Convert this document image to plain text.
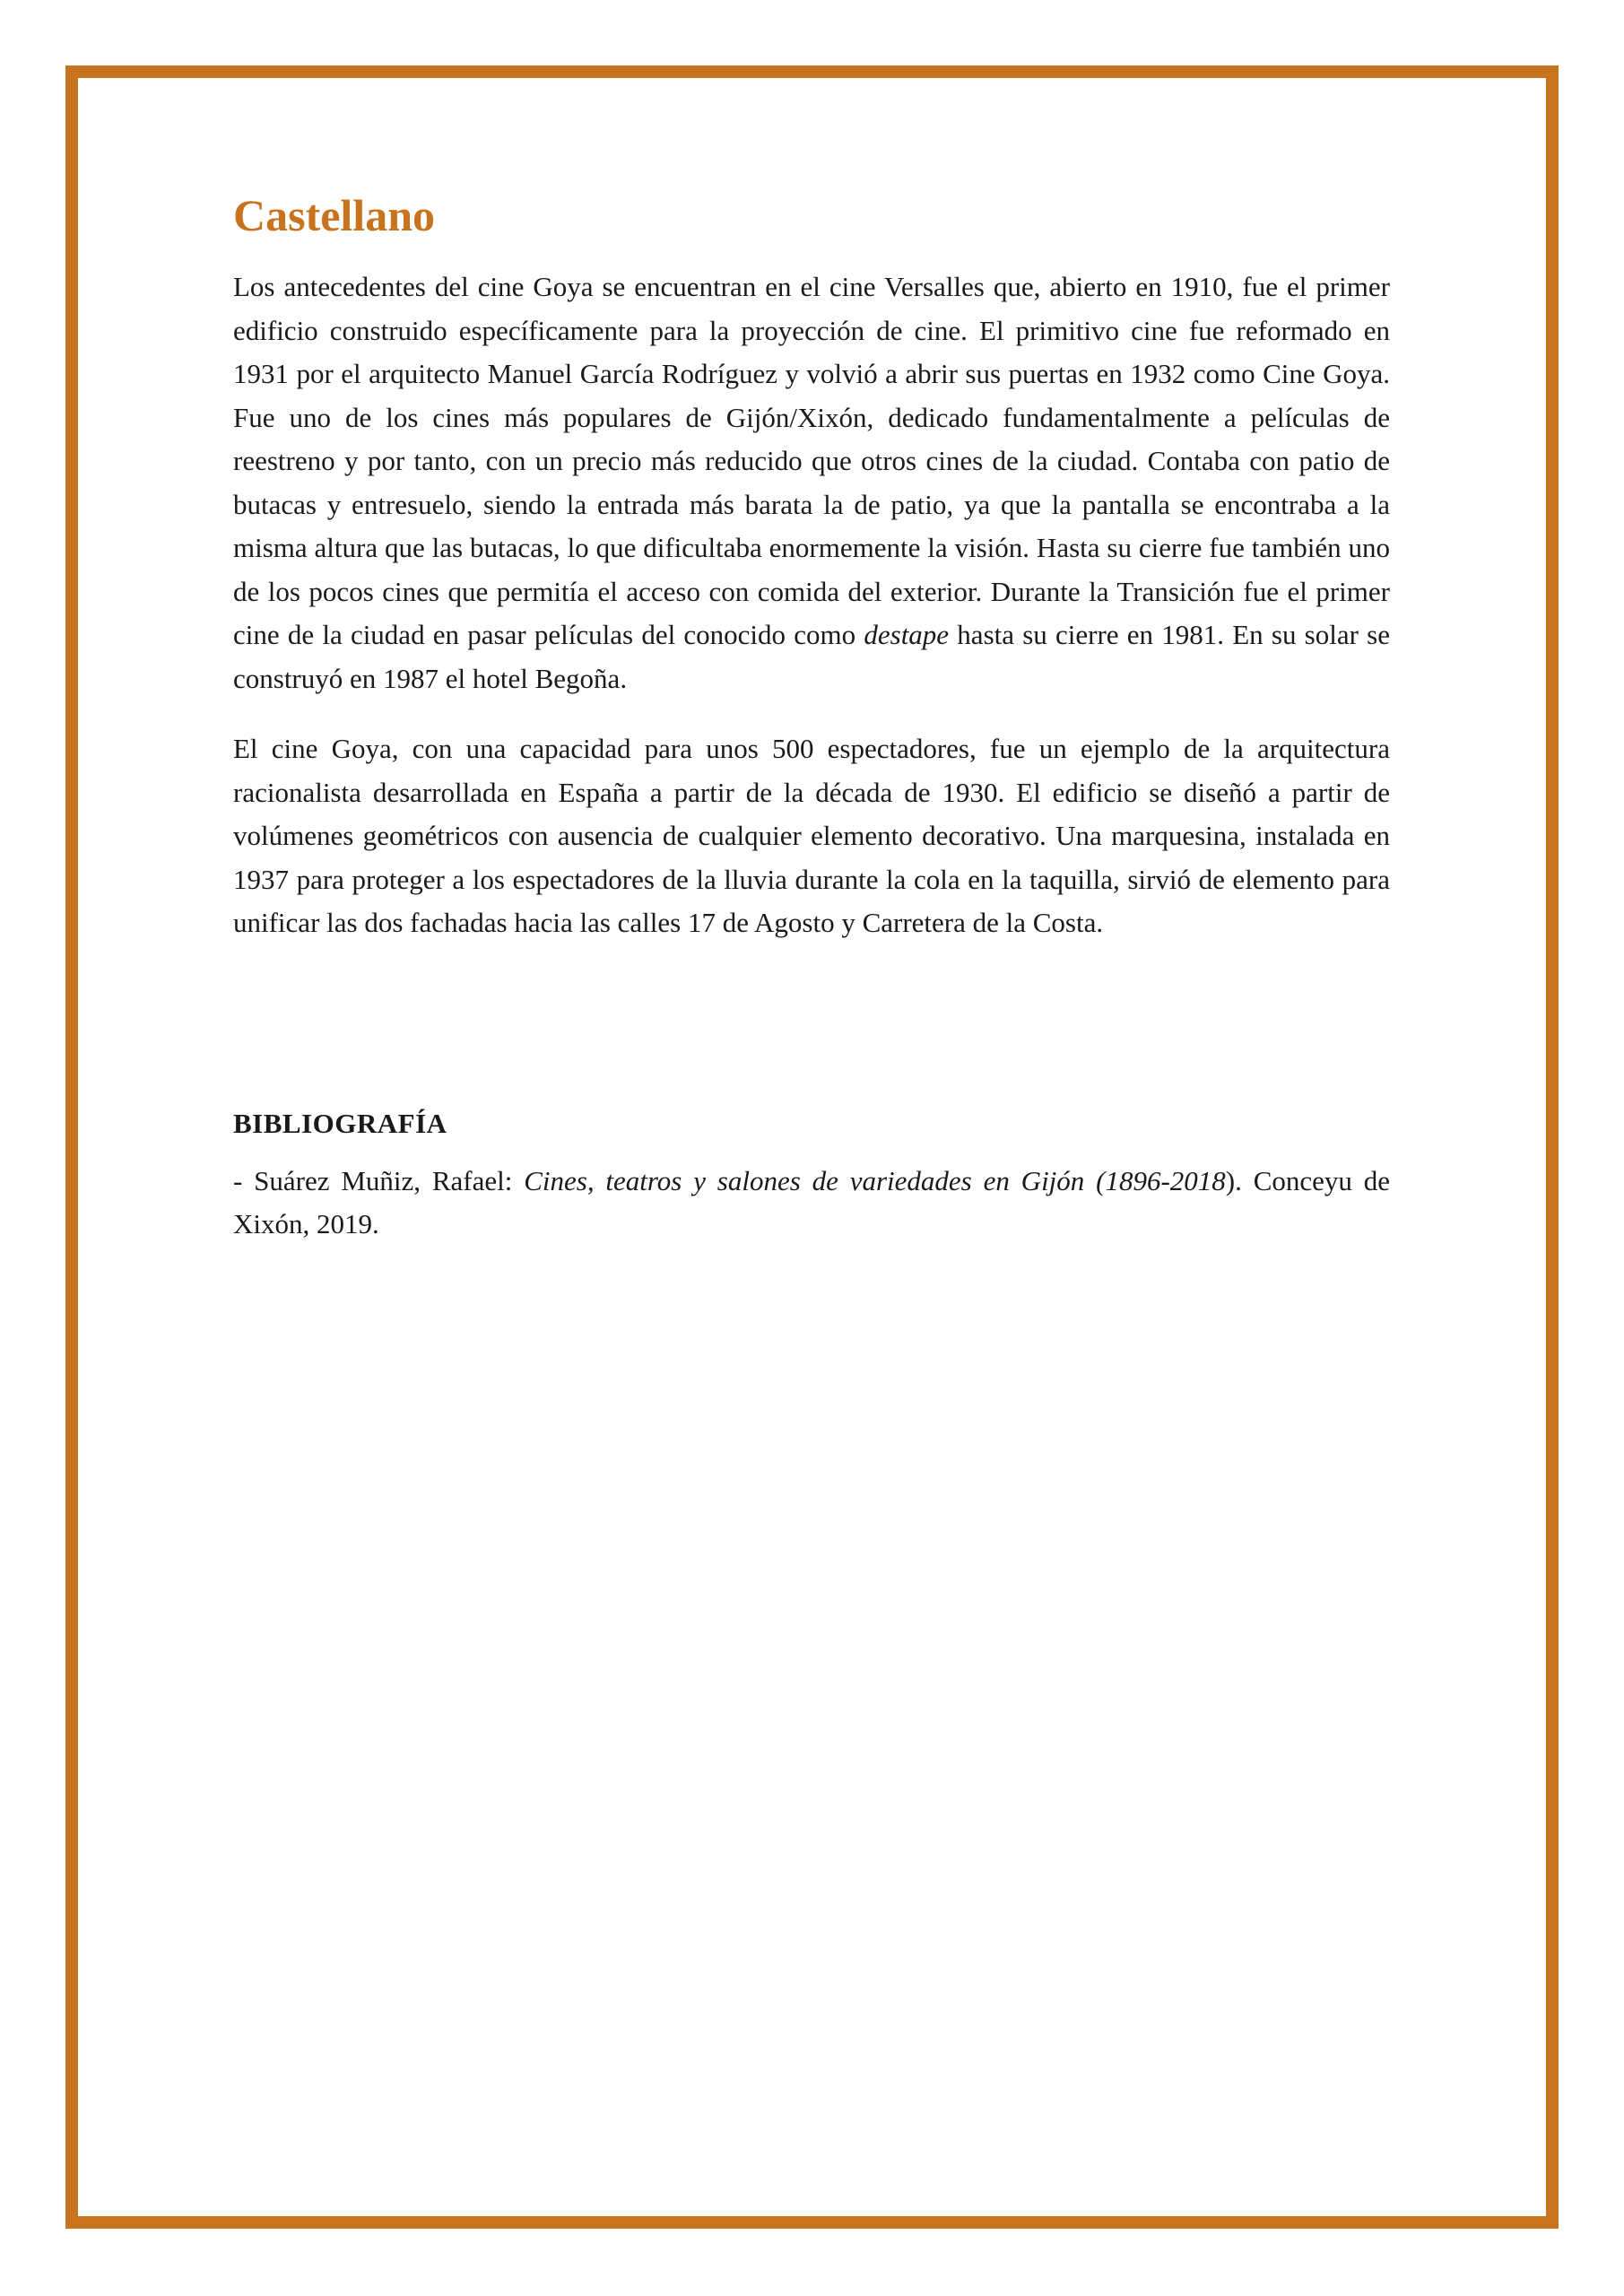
Castellano

Los antecedentes del cine Goya se encuentran en el cine Versalles que, abierto en 1910, fue el primer edificio construido específicamente para la proyección de cine. El primitivo cine fue reformado en 1931 por el arquitecto Manuel García Rodríguez y volvió a abrir sus puertas en 1932 como Cine Goya. Fue uno de los cines más populares de Gijón/Xixón, dedicado fundamentalmente a películas de reestreno y por tanto, con un precio más reducido que otros cines de la ciudad. Contaba con patio de butacas y entresuelo, siendo la entrada más barata la de patio, ya que la pantalla se encontraba a la misma altura que las butacas, lo que dificultaba enormemente la visión. Hasta su cierre fue también uno de los pocos cines que permitía el acceso con comida del exterior. Durante la Transición fue el primer cine de la ciudad en pasar películas del conocido como destape hasta su cierre en 1981. En su solar se construyó en 1987 el hotel Begoña.

El cine Goya, con una capacidad para unos 500 espectadores, fue un ejemplo de la arquitectura racionalista desarrollada en España a partir de la década de 1930. El edificio se diseñó a partir de volúmenes geométricos con ausencia de cualquier elemento decorativo. Una marquesina, instalada en 1937 para proteger a los espectadores de la lluvia durante la cola en la taquilla, sirvió de elemento para unificar las dos fachadas hacia las calles 17 de Agosto y Carretera de la Costa.

BIBLIOGRAFÍA

- Suárez Muñiz, Rafael: Cines, teatros y salones de variedades en Gijón (1896-2018). Conceyu de Xixón, 2019.
